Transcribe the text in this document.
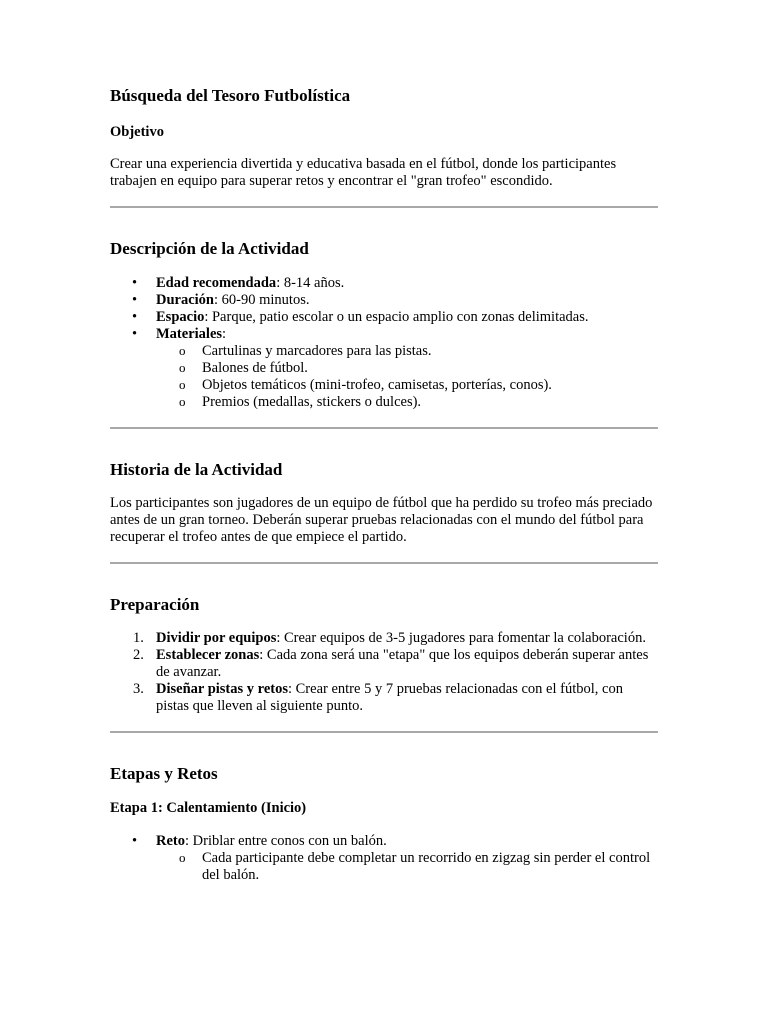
Búsqueda del Tesoro Futbolística
Objetivo

Crear una experiencia divertida y educativa basada en el fútbol, donde los participantes trabajen en equipo para superar retos y encontrar el "gran trofeo" escondido.

Descripción de la Actividad
• Edad recomendada: 8-14 años.
• Duración: 60-90 minutos.
• Espacio: Parque, patio escolar o un espacio amplio con zonas delimitadas.
• Materiales:
o Cartulinas y marcadores para las pistas.
o Balones de fútbol.
o Objetos temáticos (mini-trofeo, camisetas, porterías, conos).
o Premios (medallas, stickers o dulces).
Historia de la Actividad

Los participantes son jugadores de un equipo de fútbol que ha perdido su trofeo más preciado antes de un gran torneo. Deberán superar pruebas relacionadas con el mundo del fútbol para recuperar el trofeo antes de que empiece el partido.

Preparación
1. Dividir por equipos: Crear equipos de 3-5 jugadores para fomentar la colaboración.
2. Establecer zonas: Cada zona será una "etapa" que los equipos deberán superar antes de avanzar.
3. Diseñar pistas y retos: Crear entre 5 y 7 pruebas relacionadas con el fútbol, con pistas que lleven al siguiente punto.
Etapas y Retos
Etapa 1: Calentamiento (Inicio)
• Reto: Driblar entre conos con un balón.
o Cada participante debe completar un recorrido en zigzag sin perder el control del balón.
